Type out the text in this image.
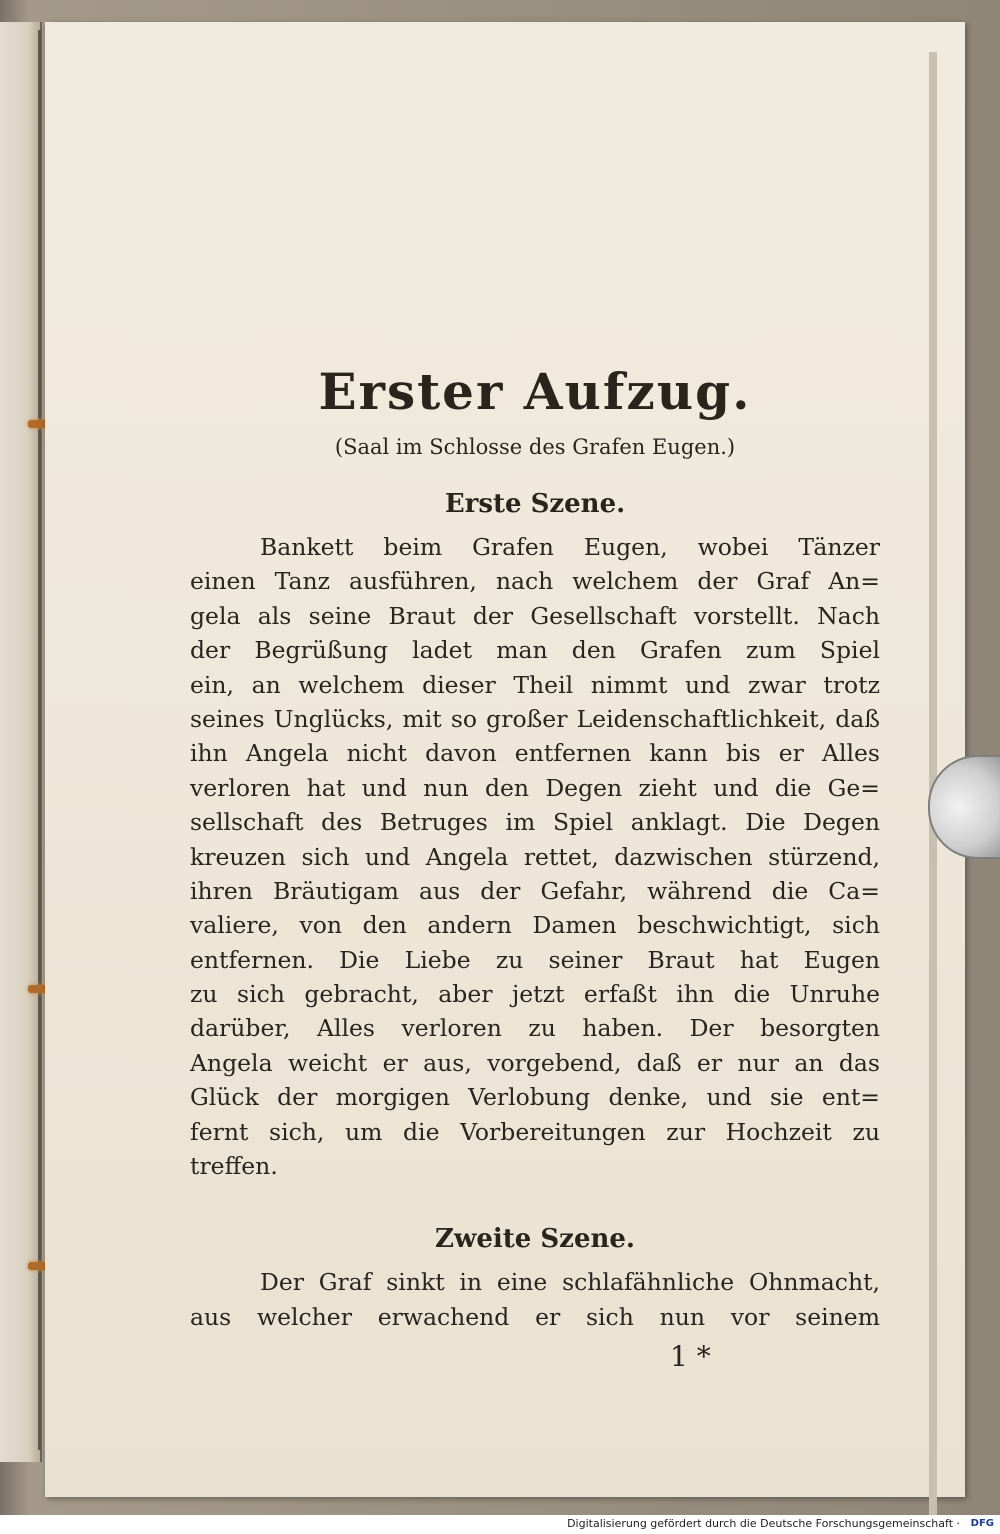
Erster Aufzug.
(Saal im Schlosse des Grafen Eugen.)
Erste Szene.
Bankett beim Grafen Eugen, wobei Tänzer
einen Tanz ausführen, nach welchem der Graf An=
gela als seine Braut der Gesellschaft vorstellt. Nach
der Begrüßung ladet man den Grafen zum Spiel
ein, an welchem dieser Theil nimmt und zwar trotz
seines Unglücks, mit so großer Leidenschaftlichkeit, daß
ihn Angela nicht davon entfernen kann bis er Alles
verloren hat und nun den Degen zieht und die Ge=
sellschaft des Betruges im Spiel anklagt. Die Degen
kreuzen sich und Angela rettet, dazwischen stürzend,
ihren Bräutigam aus der Gefahr, während die Ca=
valiere, von den andern Damen beschwichtigt, sich
entfernen. Die Liebe zu seiner Braut hat Eugen
zu sich gebracht, aber jetzt erfaßt ihn die Unruhe
darüber, Alles verloren zu haben. Der besorgten
Angela weicht er aus, vorgebend, daß er nur an das
Glück der morgigen Verlobung denke, und sie ent=
fernt sich, um die Vorbereitungen zur Hochzeit zu
treffen.
Zweite Szene.
Der Graf sinkt in eine schlafähnliche Ohnmacht,
aus welcher erwachend er sich nun vor seinem
1 *
Digitalisierung gefördert durch die Deutsche Forschungsgemeinschaft · DFG
